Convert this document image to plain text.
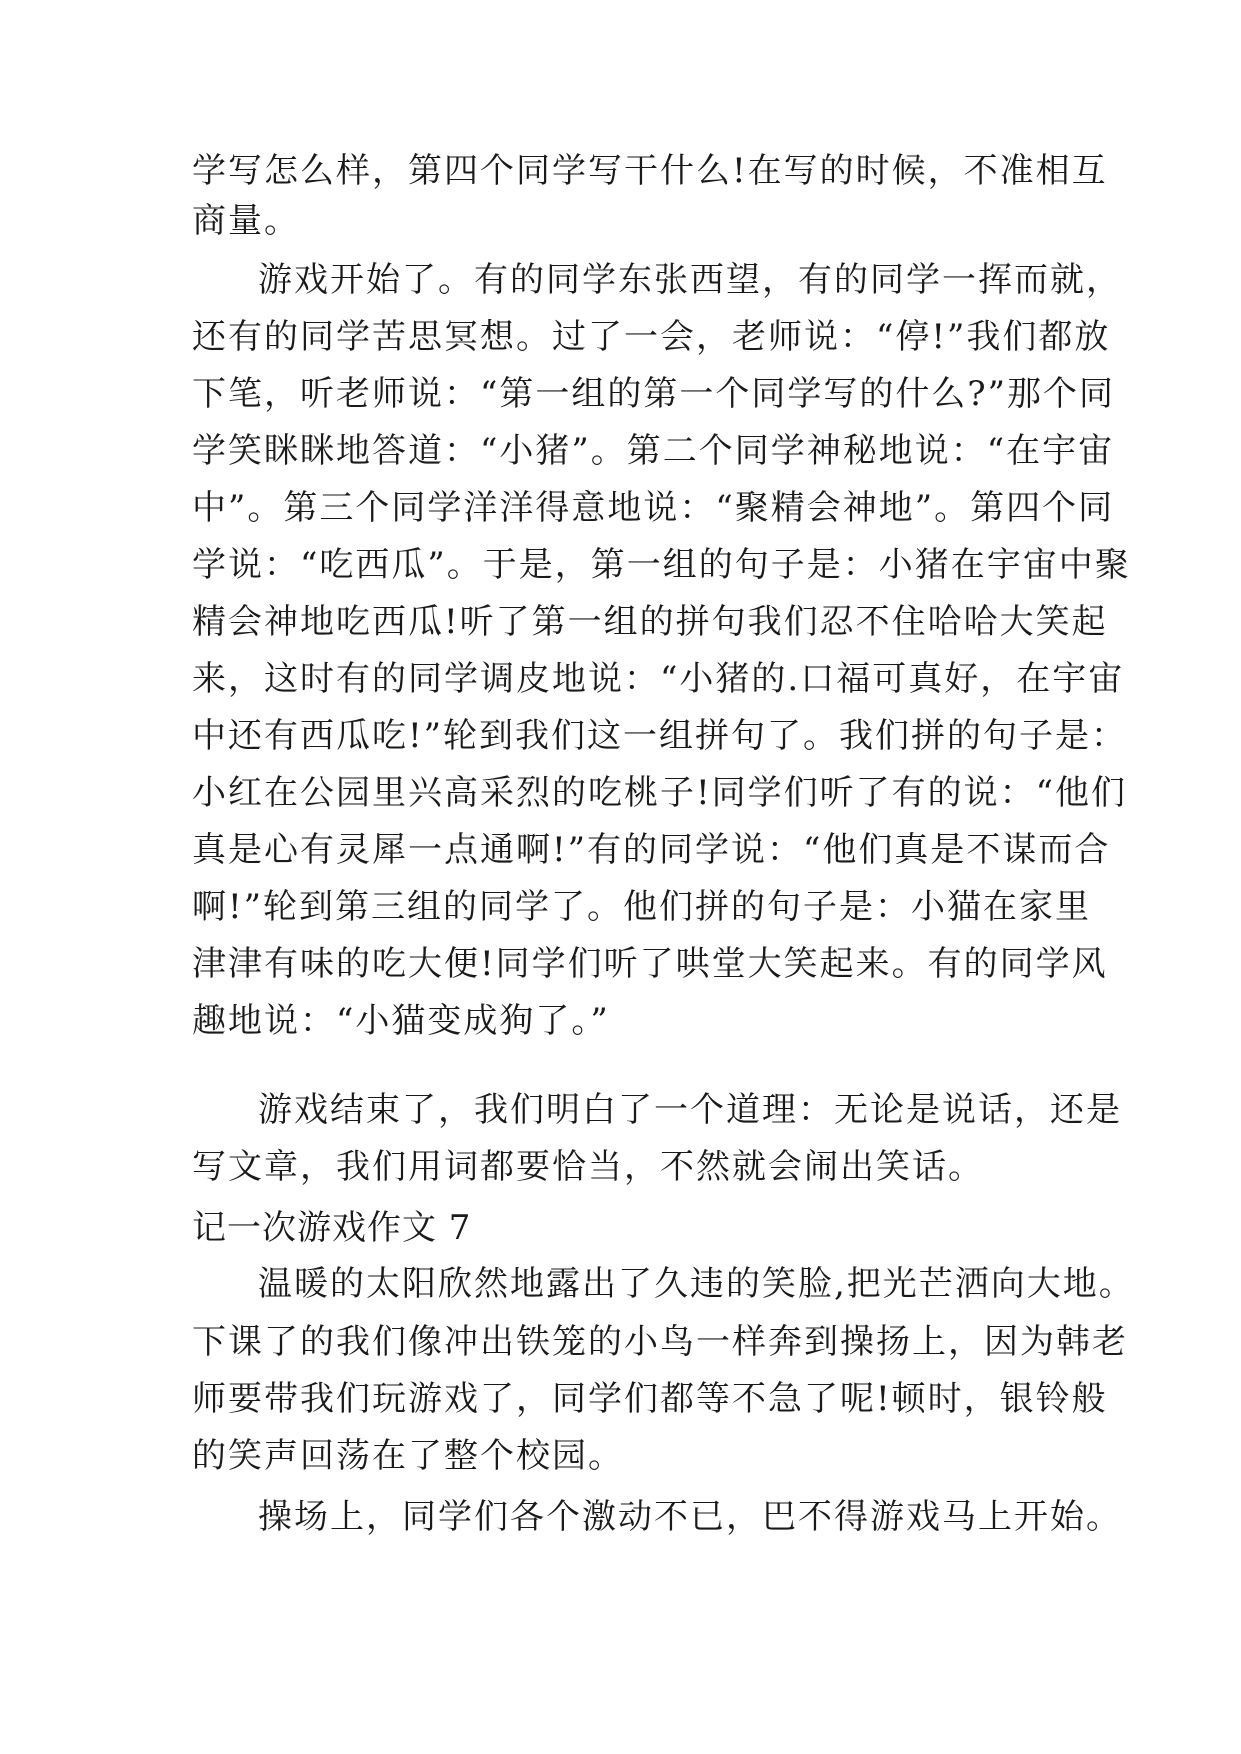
学写怎么样，第四个同学写干什么!在写的时候，不准相互
商量。
游戏开始了。有的同学东张西望，有的同学一挥而就，
还有的同学苦思冥想。过了一会，老师说：“停!”我们都放
下笔，听老师说：“第一组的第一个同学写的什么?”那个同
学笑眯眯地答道：“小猪”。第二个同学神秘地说：“在宇宙
中”。第三个同学洋洋得意地说：“聚精会神地”。第四个同
学说：“吃西瓜”。于是，第一组的句子是：小猪在宇宙中聚
精会神地吃西瓜!听了第一组的拼句我们忍不住哈哈大笑起
来，这时有的同学调皮地说：“小猪的.口福可真好，在宇宙
中还有西瓜吃!”轮到我们这一组拼句了。我们拼的句子是：
小红在公园里兴高采烈的吃桃子!同学们听了有的说：“他们
真是心有灵犀一点通啊!”有的同学说：“他们真是不谋而合
啊!”轮到第三组的同学了。他们拼的句子是：小猫在家里
津津有味的吃大便!同学们听了哄堂大笑起来。有的同学风
趣地说：“小猫变成狗了。”
游戏结束了，我们明白了一个道理：无论是说话，还是
写文章，我们用词都要恰当，不然就会闹出笑话。
记一次游戏作文 7
温暖的太阳欣然地露出了久违的笑脸,把光芒洒向大地。
下课了的我们像冲出铁笼的小鸟一样奔到操扬上，因为韩老
师要带我们玩游戏了，同学们都等不急了呢!顿时，银铃般
的笑声回荡在了整个校园。
操场上，同学们各个激动不已，巴不得游戏马上开始。
